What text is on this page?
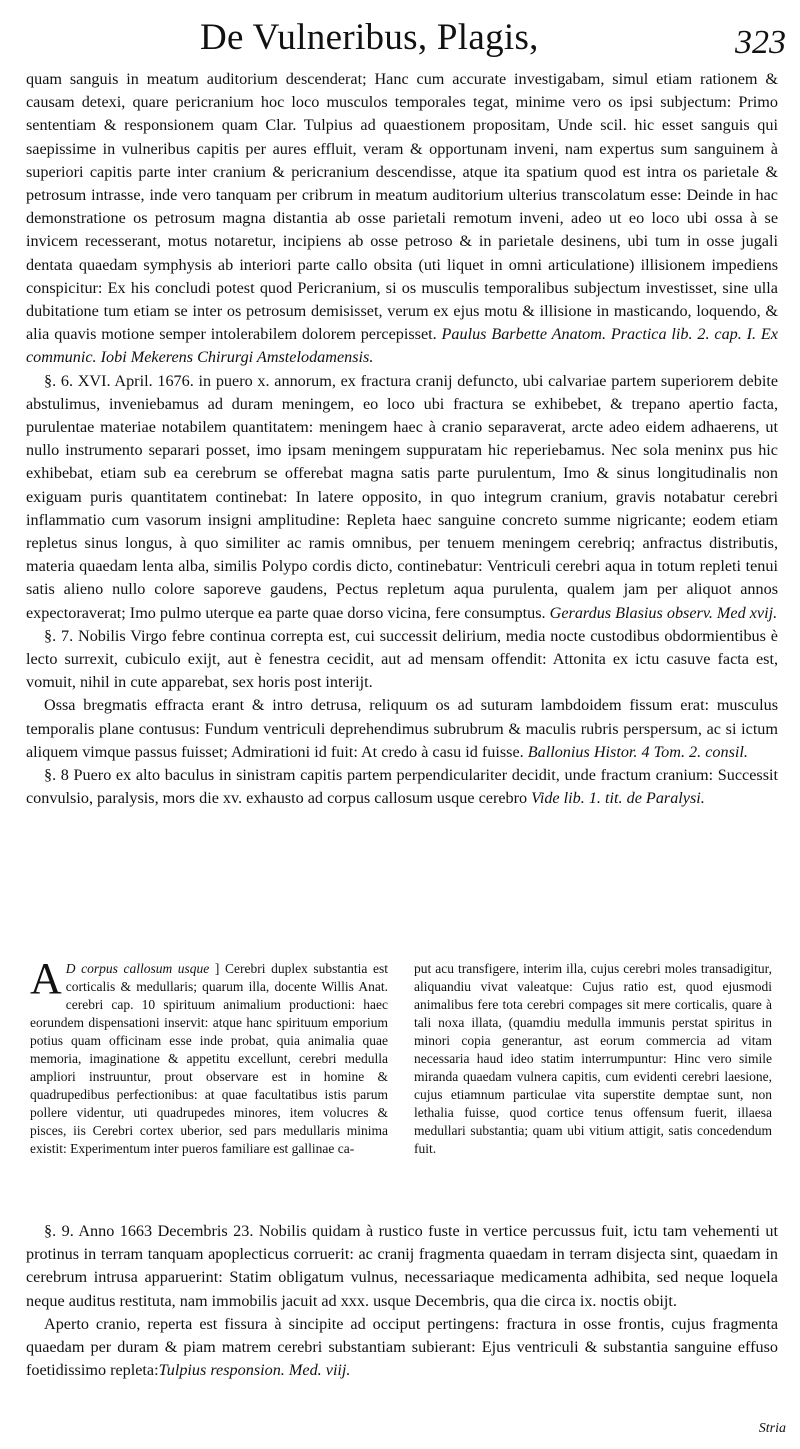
De Vulneribus, Plagis,	323

quam sanguis in meatum auditorium descenderat; Hanc cum accurate investigabam, simul etiam rationem & causam detexi, quare pericranium hoc loco musculos temporales tegat, minime vero os ipsi subjectum: Primo sententiam & responsionem quam Clar. Tulpius ad quaestionem propositam, Unde scil. hic esset sanguis qui saepissime in vulneribus capitis per aures effluit, veram & opportunam inveni, nam expertus sum sanguinem à superiori capitis parte inter cranium & pericranium descendisse, atque ita spatium quod est intra os parietale & petrosum intrasse, inde vero tanquam per cribrum in meatum auditorium ulterius transcolatum esse: Deinde in hac demonstratione os petrosum magna distantia ab osse parietali remotum inveni, adeo ut eo loco ubi ossa à se invicem recesserant, motus notaretur, incipiens ab osse petroso & in parietale desinens, ubi tum in osse jugali dentata quaedam symphysis ab interiori parte callo obsita (uti liquet in omni articulatione) illisionem impediens conspicitur: Ex his concludi potest quod Pericranium, si os musculis temporalibus subjectum investisset, sine ulla dubitatione tum etiam se inter os petrosum demisisset, verum ex ejus motu & illisione in masticando, loquendo, & alia quavis motione semper intolerabilem dolorem percepisset. Paulus Barbette Anatom. Practica lib. 2. cap. I. Ex communic. Iobi Mekerens Chirurgi Amstelodamensis.

§. 6. XVI. April. 1676. in puero x. annorum, ex fractura cranij defuncto, ubi calvariae partem superiorem debite abstulimus, inveniebamus ad duram meningem, eo loco ubi fractura se exhibebet, & trepano apertio facta, purulentae materiae notabilem quantitatem: meningem haec à cranio separaverat, arcte adeo eidem adhaerens, ut nullo instrumento separari posset, imo ipsam meningem suppuratam hic reperiebamus. Nec sola meninx pus hic exhibebat, etiam sub ea cerebrum se offerebat magna satis parte purulentum, Imo & sinus longitudinalis non exiguam puris quantitatem continebat: In latere opposito, in quo integrum cranium, gravis notabatur cerebri inflammatio cum vasorum insigni amplitudine: Repleta haec sanguine concreto summe nigricante; eodem etiam repletus sinus longus, à quo similiter ac ramis omnibus, per tenuem meningem cerebriq; anfractus distributis, materia quaedam lenta alba, similis Polypo cordis dicto, continebatur: Ventriculi cerebri aqua in totum repleti tenui satis alieno nullo colore saporeve gaudens, Pectus repletum aqua purulenta, qualem jam per aliquot annos expectoraverat; Imo pulmo uterque ea parte quae dorso vicina, fere consumptus. Gerardus Blasius observ. Med xvij.

§. 7. Nobilis Virgo febre continua correpta est, cui successit delirium, media nocte custodibus obdormientibus è lecto surrexit, cubiculo exijt, aut è fenestra cecidit, aut ad mensam offendit: Attonita ex ictu casuve facta est, vomuit, nihil in cute apparebat, sex horis post interijt.

Ossa bregmatis effracta erant & intro detrusa, reliquum os ad suturam lambdoidem fissum erat: musculus temporalis plane contusus: Fundum ventriculi deprehendimus subrubrum & maculis rubris perspersum, ac si ictum aliquem vimque passus fuisset; Admirationi id fuit: At credo à casu id fuisse. Ballonius Histor. 4 Tom. 2. consil.

§. 8 Puero ex alto baculus in sinistram capitis partem perpendiculariter decidit, unde fractum cranium: Successit convulsio, paralysis, mors die xv. exhausto ad corpus callosum usque cerebro Vide lib. 1. tit. de Paralysi.

A D corpus callosum usque ] Cerebri duplex substantia est corticalis & medullaris; quarum illa, docente Willis Anat. cerebri cap. 10 spirituum animalium productioni: haec eorundem dispensationi inservit: atque hanc spirituum emporium potius quam officinam esse inde probat, quia animalia quae memoria, imaginatione & appetitu excellunt, cerebri medulla ampliori instruuntur, prout observare est in homine & quadrupedibus perfectionibus: at quae facultatibus istis parum pollere videntur, uti quadrupedes minores, item volucres & pisces, iis Cerebri cortex uberior, sed pars medullaris minima existit: Experimentum inter pueros familiare est gallinae ca-
put acu transfigere, interim illa, cujus cerebri moles transadigitur, aliquandiu vivat valeatque: Cujus ratio est, quod ejusmodi animalibus fere tota cerebri compages sit mere corticalis, quare à tali noxa illata, (quamdiu medulla immunis perstat spiritus in minori copia generantur, ast eorum commercia ad vitam necessaria haud ideo statim interrumpuntur: Hinc vero simile miranda quaedam vulnera capitis, cum evidenti cerebri laesione, cujus etiamnum particulae vita superstite demptae sunt, non lethalia fuisse, quod cortice tenus offensum fuerit, illaesa medullari substantia; quam ubi vitium attigit, satis concedendum fuit.

§. 9. Anno 1663 Decembris 23. Nobilis quidam à rustico fuste in vertice percussus fuit, ictu tam vehementi ut protinus in terram tanquam apoplecticus corruerit: ac cranij fragmenta quaedam in terram disjecta sint, quaedam in cerebrum intrusa apparuerint: Statim obligatum vulnus, necessariaque medicamenta adhibita, sed neque loquela neque auditus restituta, nam immobilis jacuit ad xxx. usque Decembris, qua die circa ix. noctis obijt.

Aperto cranio, reperta est fissura à sincipite ad occiput pertingens: fractura in osse frontis, cujus fragmenta quaedam per duram & piam matrem cerebri substantiam subierant: Ejus ventriculi & substantia sanguine effuso foetidissimo repleta:Tulpius responsion. Med. viij.

Stria
